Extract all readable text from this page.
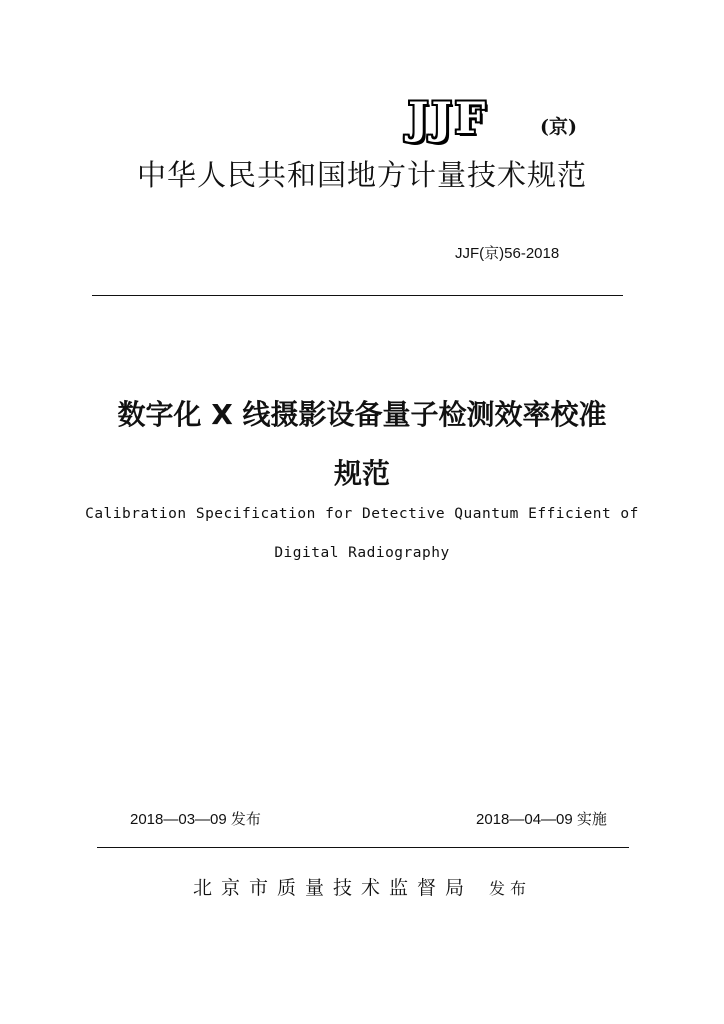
JJF	(京)
中华人民共和国地方计量技术规范
JJF(京)56-2018
数字化 X 线摄影设备量子检测效率校准
规范
Calibration Specification for Detective Quantum Efficient of
Digital Radiography
2018—03—09 发布	2018—04—09 实施
北京市质量技术监督局 发布
